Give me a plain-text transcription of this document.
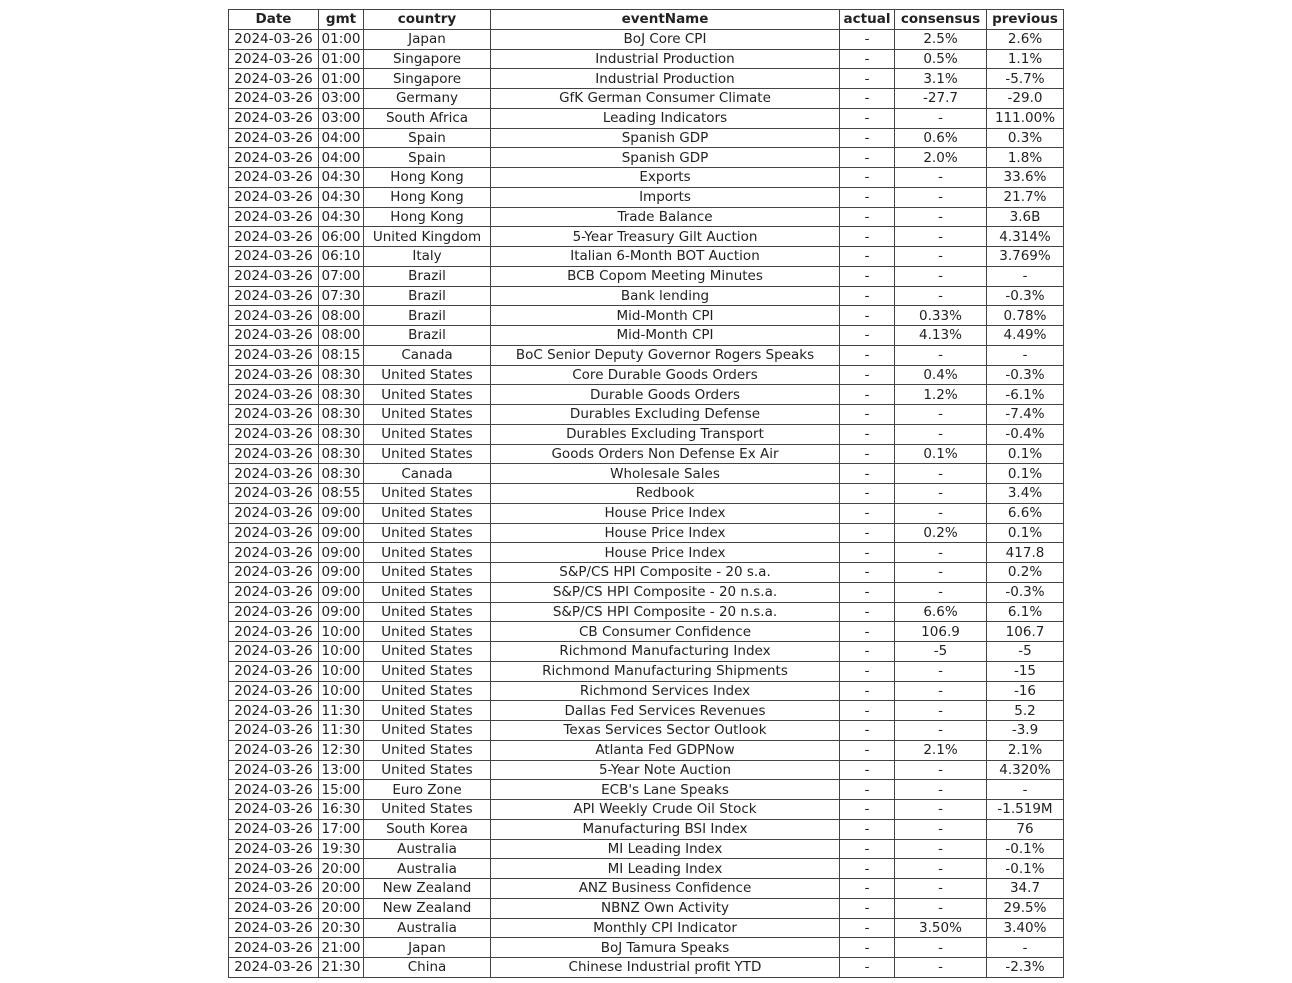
Date	gmt	country	eventName	actual	consensus	previous
2024-03-26	01:00	Japan	BoJ Core CPI	-	2.5%	2.6%
2024-03-26	01:00	Singapore	Industrial Production	-	0.5%	1.1%
2024-03-26	01:00	Singapore	Industrial Production	-	3.1%	-5.7%
2024-03-26	03:00	Germany	GfK German Consumer Climate	-	-27.7	-29.0
2024-03-26	03:00	South Africa	Leading Indicators	-	-	111.00%
2024-03-26	04:00	Spain	Spanish GDP	-	0.6%	0.3%
2024-03-26	04:00	Spain	Spanish GDP	-	2.0%	1.8%
2024-03-26	04:30	Hong Kong	Exports	-	-	33.6%
2024-03-26	04:30	Hong Kong	Imports	-	-	21.7%
2024-03-26	04:30	Hong Kong	Trade Balance	-	-	3.6B
2024-03-26	06:00	United Kingdom	5-Year Treasury Gilt Auction	-	-	4.314%
2024-03-26	06:10	Italy	Italian 6-Month BOT Auction	-	-	3.769%
2024-03-26	07:00	Brazil	BCB Copom Meeting Minutes	-	-	-
2024-03-26	07:30	Brazil	Bank lending	-	-	-0.3%
2024-03-26	08:00	Brazil	Mid-Month CPI	-	0.33%	0.78%
2024-03-26	08:00	Brazil	Mid-Month CPI	-	4.13%	4.49%
2024-03-26	08:15	Canada	BoC Senior Deputy Governor Rogers Speaks	-	-	-
2024-03-26	08:30	United States	Core Durable Goods Orders	-	0.4%	-0.3%
2024-03-26	08:30	United States	Durable Goods Orders	-	1.2%	-6.1%
2024-03-26	08:30	United States	Durables Excluding Defense	-	-	-7.4%
2024-03-26	08:30	United States	Durables Excluding Transport	-	-	-0.4%
2024-03-26	08:30	United States	Goods Orders Non Defense Ex Air	-	0.1%	0.1%
2024-03-26	08:30	Canada	Wholesale Sales	-	-	0.1%
2024-03-26	08:55	United States	Redbook	-	-	3.4%
2024-03-26	09:00	United States	House Price Index	-	-	6.6%
2024-03-26	09:00	United States	House Price Index	-	0.2%	0.1%
2024-03-26	09:00	United States	House Price Index	-	-	417.8
2024-03-26	09:00	United States	S&P/CS HPI Composite - 20 s.a.	-	-	0.2%
2024-03-26	09:00	United States	S&P/CS HPI Composite - 20 n.s.a.	-	-	-0.3%
2024-03-26	09:00	United States	S&P/CS HPI Composite - 20 n.s.a.	-	6.6%	6.1%
2024-03-26	10:00	United States	CB Consumer Confidence	-	106.9	106.7
2024-03-26	10:00	United States	Richmond Manufacturing Index	-	-5	-5
2024-03-26	10:00	United States	Richmond Manufacturing Shipments	-	-	-15
2024-03-26	10:00	United States	Richmond Services Index	-	-	-16
2024-03-26	11:30	United States	Dallas Fed Services Revenues	-	-	5.2
2024-03-26	11:30	United States	Texas Services Sector Outlook	-	-	-3.9
2024-03-26	12:30	United States	Atlanta Fed GDPNow	-	2.1%	2.1%
2024-03-26	13:00	United States	5-Year Note Auction	-	-	4.320%
2024-03-26	15:00	Euro Zone	ECB's Lane Speaks	-	-	-
2024-03-26	16:30	United States	API Weekly Crude Oil Stock	-	-	-1.519M
2024-03-26	17:00	South Korea	Manufacturing BSI Index	-	-	76
2024-03-26	19:30	Australia	MI Leading Index	-	-	-0.1%
2024-03-26	20:00	Australia	MI Leading Index	-	-	-0.1%
2024-03-26	20:00	New Zealand	ANZ Business Confidence	-	-	34.7
2024-03-26	20:00	New Zealand	NBNZ Own Activity	-	-	29.5%
2024-03-26	20:30	Australia	Monthly CPI Indicator	-	3.50%	3.40%
2024-03-26	21:00	Japan	BoJ Tamura Speaks	-	-	-
2024-03-26	21:30	China	Chinese Industrial profit YTD	-	-	-2.3%
